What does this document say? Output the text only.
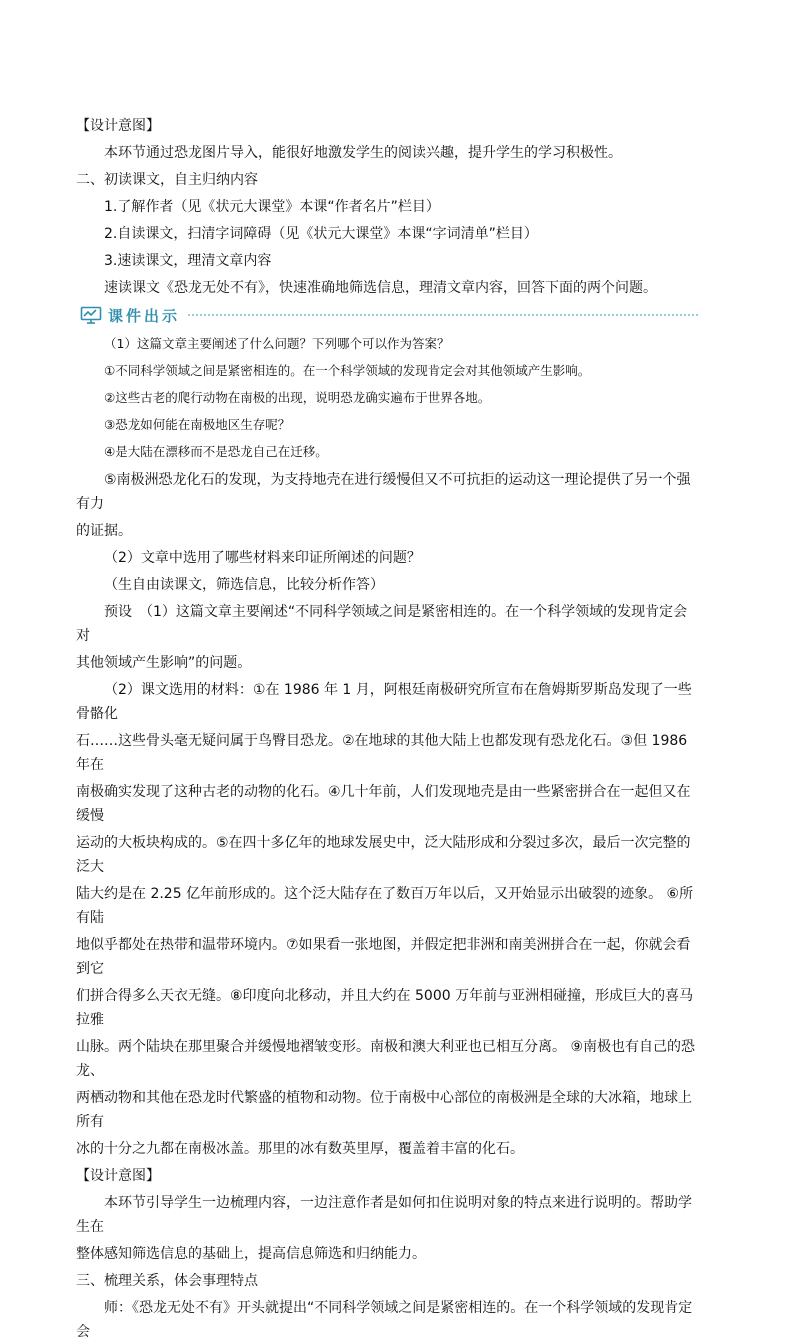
【设计意图】
本环节通过恐龙图片导入，能很好地激发学生的阅读兴趣，提升学生的学习积极性。
二、初读课文，自主归纳内容
1.了解作者（见《状元大课堂》本课“作者名片”栏目）
2.自读课文，扫清字词障碍（见《状元大课堂》本课“字词清单”栏目）
3.速读课文，理清文章内容
速读课文《恐龙无处不有》，快速准确地筛选信息，理清文章内容，回答下面的两个问题。
课件出示
（1）这篇文章主要阐述了什么问题？下列哪个可以作为答案？
①不同科学领域之间是紧密相连的。在一个科学领域的发现肯定会对其他领域产生影响。
②这些古老的爬行动物在南极的出现，说明恐龙确实遍布于世界各地。
③恐龙如何能在南极地区生存呢？
④是大陆在漂移而不是恐龙自己在迁移。
⑤南极洲恐龙化石的发现，为支持地壳在进行缓慢但又不可抗拒的运动这一理论提供了另一个强有力
的证据。
（2）文章中选用了哪些材料来印证所阐述的问题？
（生自由读课文，筛选信息，比较分析作答）
预设　（1）这篇文章主要阐述“不同科学领域之间是紧密相连的。在一个科学领域的发现肯定会对
其他领域产生影响”的问题。
（2）课文选用的材料：①在 1986 年 1 月，阿根廷南极研究所宣布在詹姆斯罗斯岛发现了一些骨骼化
石……这些骨头毫无疑问属于鸟臀目恐龙。②在地球的其他大陆上也都发现有恐龙化石。③但 1986 年在
南极确实发现了这种古老的动物的化石。④几十年前，人们发现地壳是由一些紧密拼合在一起但又在缓慢
运动的大板块构成的。⑤在四十多亿年的地球发展史中，泛大陆形成和分裂过多次，最后一次完整的泛大
陆大约是在 2.25 亿年前形成的。这个泛大陆存在了数百万年以后，又开始显示出破裂的迹象。 ⑥所有陆
地似乎都处在热带和温带环境内。⑦如果看一张地图，并假定把非洲和南美洲拼合在一起，你就会看到它
们拼合得多么天衣无缝。⑧印度向北移动，并且大约在 5000 万年前与亚洲相碰撞，形成巨大的喜马拉雅
山脉。两个陆块在那里聚合并缓慢地褶皱变形。南极和澳大利亚也已相互分离。 ⑨南极也有自己的恐龙、
两栖动物和其他在恐龙时代繁盛的植物和动物。位于南极中心部位的南极洲是全球的大冰箱，地球上所有
冰的十分之九都在南极冰盖。那里的冰有数英里厚，覆盖着丰富的化石。
【设计意图】
本环节引导学生一边梳理内容，一边注意作者是如何扣住说明对象的特点来进行说明的。帮助学生在
整体感知筛选信息的基础上，提高信息筛选和归纳能力。
三、梳理关系，体会事理特点
师：《恐龙无处不有》开头就提出“不同科学领域之间是紧密相连的。在一个科学领域的发现肯定会
